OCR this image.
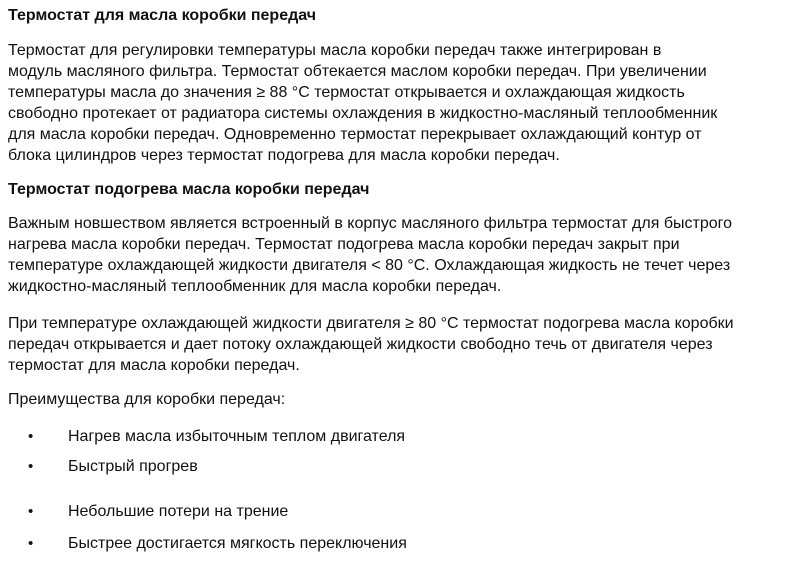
Термостат для масла коробки передач

Термостат для регулировки температуры масла коробки передач также интегрирован в
модуль масляного фильтра. Термостат обтекается маслом коробки передач. При увеличении
температуры масла до значения ≥ 88 °C термостат открывается и охлаждающая жидкость
свободно протекает от радиатора системы охлаждения в жидкостно-масляный теплообменник
для масла коробки передач. Одновременно термостат перекрывает охлаждающий контур от
блока цилиндров через термостат подогрева для масла коробки передач.

Термостат подогрева масла коробки передач

Важным новшеством является встроенный в корпус масляного фильтра термостат для быстрого
нагрева масла коробки передач. Термостат подогрева масла коробки передач закрыт при
температуре охлаждающей жидкости двигателя < 80 °C. Охлаждающая жидкость не течет через
жидкостно-масляный теплообменник для масла коробки передач.

При температуре охлаждающей жидкости двигателя ≥ 80 °C термостат подогрева масла коробки
передач открывается и дает потоку охлаждающей жидкости свободно течь от двигателя через
термостат для масла коробки передач.

Преимущества для коробки передач:

• Нагрев масла избыточным теплом двигателя
• Быстрый прогрев
• Небольшие потери на трение
• Быстрее достигается мягкость переключения
